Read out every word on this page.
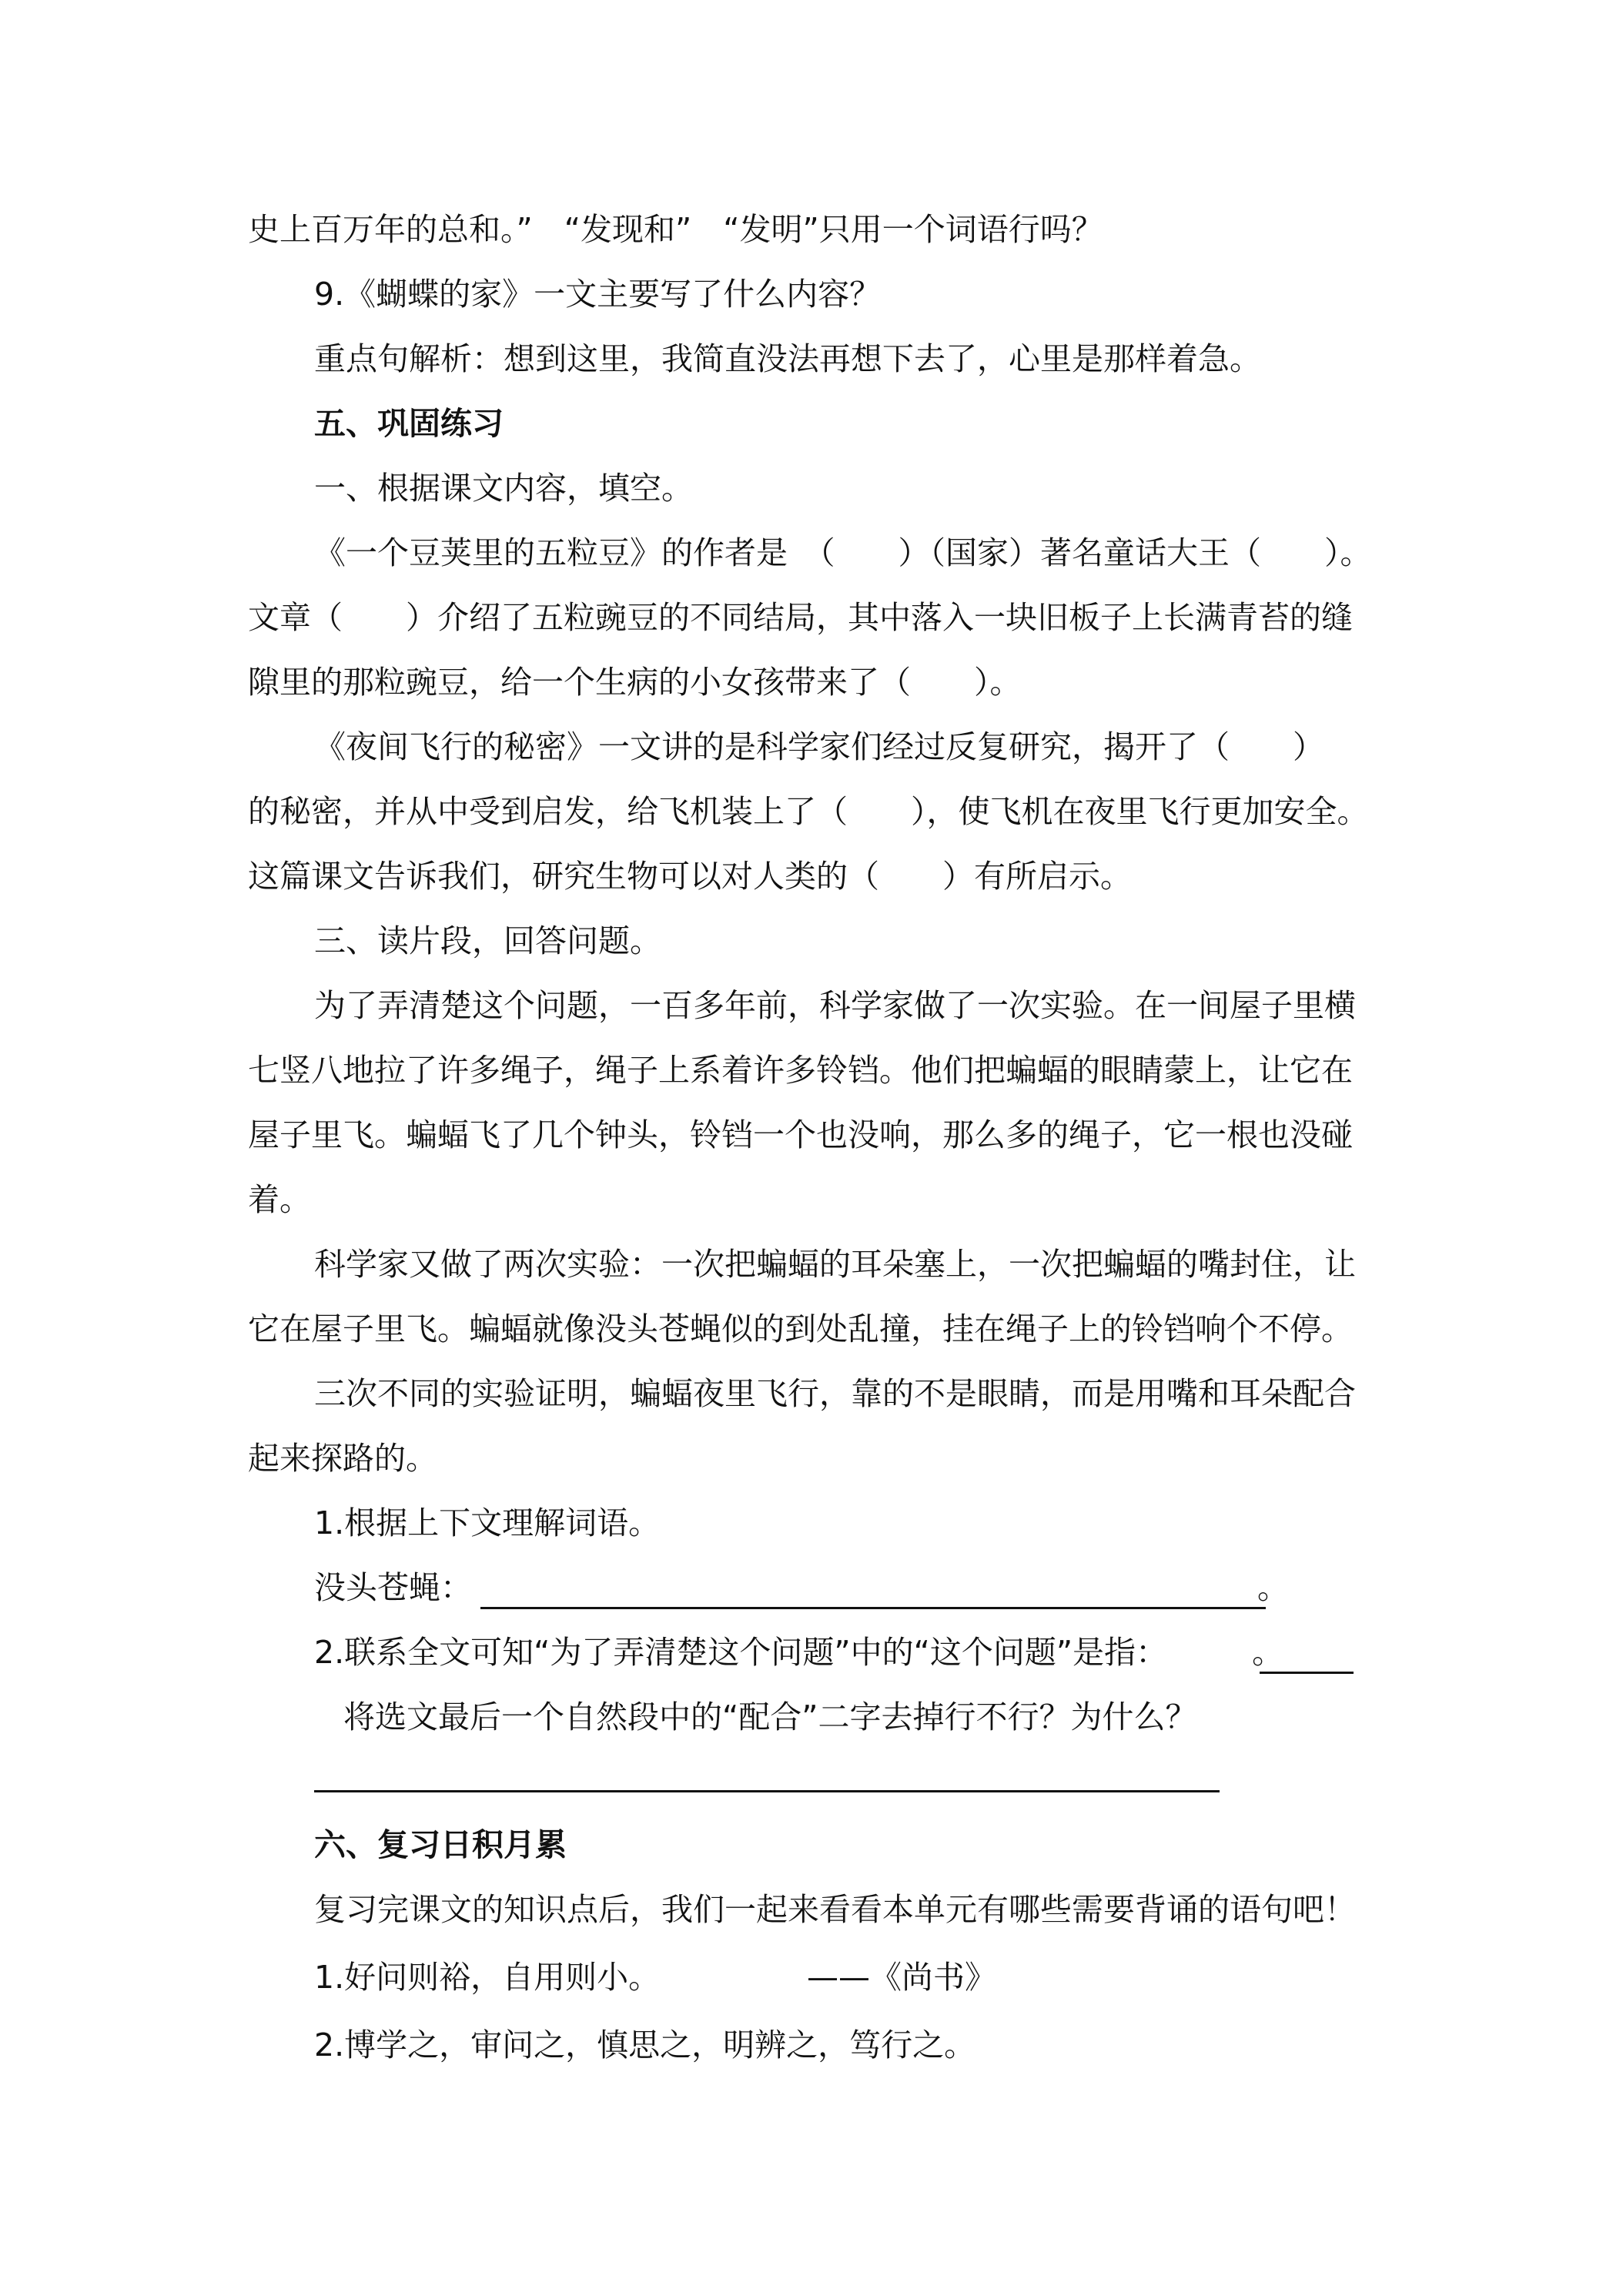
史上百万年的总和。”　“发现和”　“发明”只用一个词语行吗？
9.《蝴蝶的家》一文主要写了什么内容？
重点句解析：想到这里，我简直没法再想下去了，心里是那样着急。
五、巩固练习
一、根据课文内容，填空。
《一个豆荚里的五粒豆》的作者是　（　　）（国家）著名童话大王（　　）。
文章（　　）介绍了五粒豌豆的不同结局，其中落入一块旧板子上长满青苔的缝
隙里的那粒豌豆，给一个生病的小女孩带来了（　　）。
《夜间飞行的秘密》一文讲的是科学家们经过反复研究，揭开了（　　）
的秘密，并从中受到启发，给飞机装上了（　　），使飞机在夜里飞行更加安全。
这篇课文告诉我们，研究生物可以对人类的（　　）有所启示。
三、读片段，回答问题。
为了弄清楚这个问题，一百多年前，科学家做了一次实验。在一间屋子里横
七竖八地拉了许多绳子，绳子上系着许多铃铛。他们把蝙蝠的眼睛蒙上，让它在
屋子里飞。蝙蝠飞了几个钟头，铃铛一个也没响，那么多的绳子，它一根也没碰
着。
科学家又做了两次实验：一次把蝙蝠的耳朵塞上，一次把蝙蝠的嘴封住，让
它在屋子里飞。蝙蝠就像没头苍蝇似的到处乱撞，挂在绳子上的铃铛响个不停。
三次不同的实验证明，蝙蝠夜里飞行，靠的不是眼睛，而是用嘴和耳朵配合
起来探路的。
1.根据上下文理解词语。
没头苍蝇：	。
2.联系全文可知“为了弄清楚这个问题”中的“这个问题”是指：	。
将选文最后一个自然段中的“配合”二字去掉行不行？为什么？
六、复习日积月累
复习完课文的知识点后，我们一起来看看本单元有哪些需要背诵的语句吧！
1.好问则裕，自用则小。	——《尚书》
2.博学之，审问之，慎思之，明辨之，笃行之。
